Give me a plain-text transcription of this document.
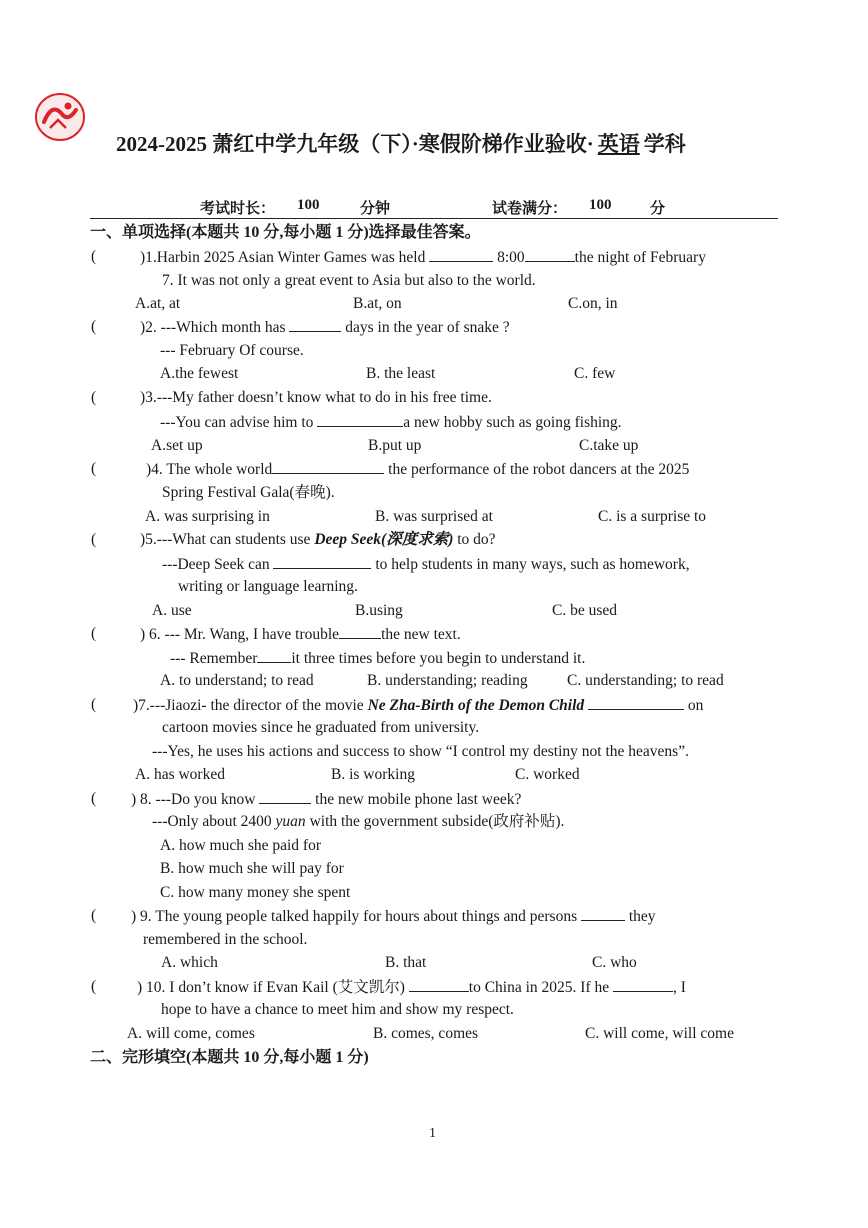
2024-2025 萧红中学九年级（下）·寒假阶梯作业验收· 英语 学科
考试时长： 100	分钟	试卷满分： 100	分
一、单项选择(本题共 10 分,每小题 1 分)选择最佳答案。
(	)1.Harbin 2025 Asian Winter Games was held	8:00	the night of February
7. It was not only a great event to Asia but also to the world.
A.at, at	B.at, on	C.on, in
(	)2. ---Which month has	days in the year of snake ?
--- February Of course.
A.the fewest	B. the least	C. few
(	)3.---My father doesn’t know what to do in his free time.
---You can advise him to	a new hobby such as going fishing.
A.set up	B.put up	C.take up
(	)4. The whole world	the performance of the robot dancers at the 2025
Spring Festival Gala(春晚).
A. was surprising in	B. was surprised at	C. is a surprise to
(	)5.---What can students use Deep Seek(深度求索) to do?
---Deep Seek can	to help students in many ways, such as homework,
writing or language learning.
A. use	B.using	C. be used
(	) 6. --- Mr. Wang, I have trouble	the new text.
--- Remember it three times before you begin to understand it.
A. to understand; to read	B. understanding; reading	C. understanding; to read
( )7.---Jiaozi- the director of the movie Ne Zha-Birth of the Demon Child	on
cartoon movies since he graduated from university.
---Yes, he uses his actions and success to show “I control my destiny not the heavens”.
A. has worked	B. is working	C. worked
( ) 8. ---Do you know	the new mobile phone last week?
---Only about 2400 yuan with the government subside(政府补贴).
A. how much she paid for
B. how much she will pay for
C. how many money she spent
( ) 9. The young people talked happily for hours about things and persons	they
remembered in the school.
A. which	B. that	C. who
(	) 10. I don’t know if Evan Kail (艾文凯尔)	to China in 2025. If he	, I
hope to have a chance to meet him and show my respect.
A. will come, comes	B. comes, comes	C. will come, will come
二、完形填空(本题共 10 分,每小题 1 分)
1
